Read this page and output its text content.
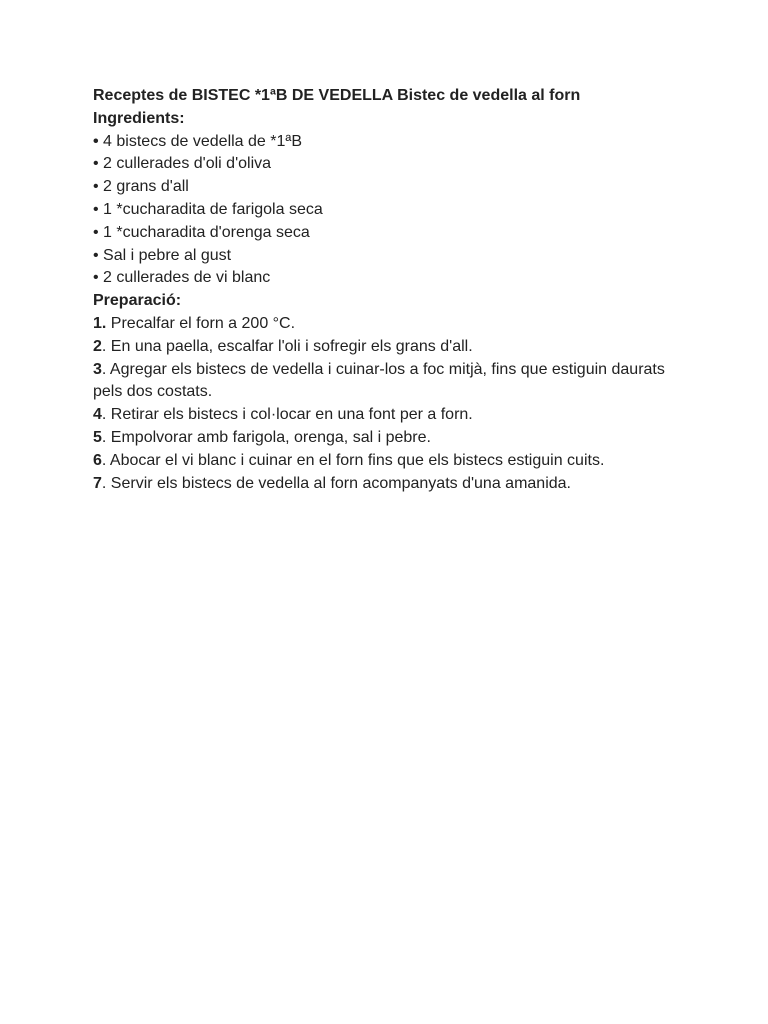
Receptes de BISTEC *1ªB DE VEDELLA Bistec de vedella al forn
Ingredients:
• 4 bistecs de vedella de *1ªB
• 2 cullerades d'oli d'oliva
• 2 grans d'all
• 1 *cucharadita de farigola seca
• 1 *cucharadita d'orenga seca
• Sal i pebre al gust
• 2 cullerades de vi blanc
Preparació:
1. Precalfar el forn a 200 °C.
2. En una paella, escalfar l'oli i sofregir els grans d'all.
3. Agregar els bistecs de vedella i cuinar-los a foc mitjà, fins que estiguin daurats pels dos costats.
4. Retirar els bistecs i col·locar en una font per a forn.
5. Empolvorar amb farigola, orenga, sal i pebre.
6. Abocar el vi blanc i cuinar en el forn fins que els bistecs estiguin cuits.
7. Servir els bistecs de vedella al forn acompanyats d'una amanida.
